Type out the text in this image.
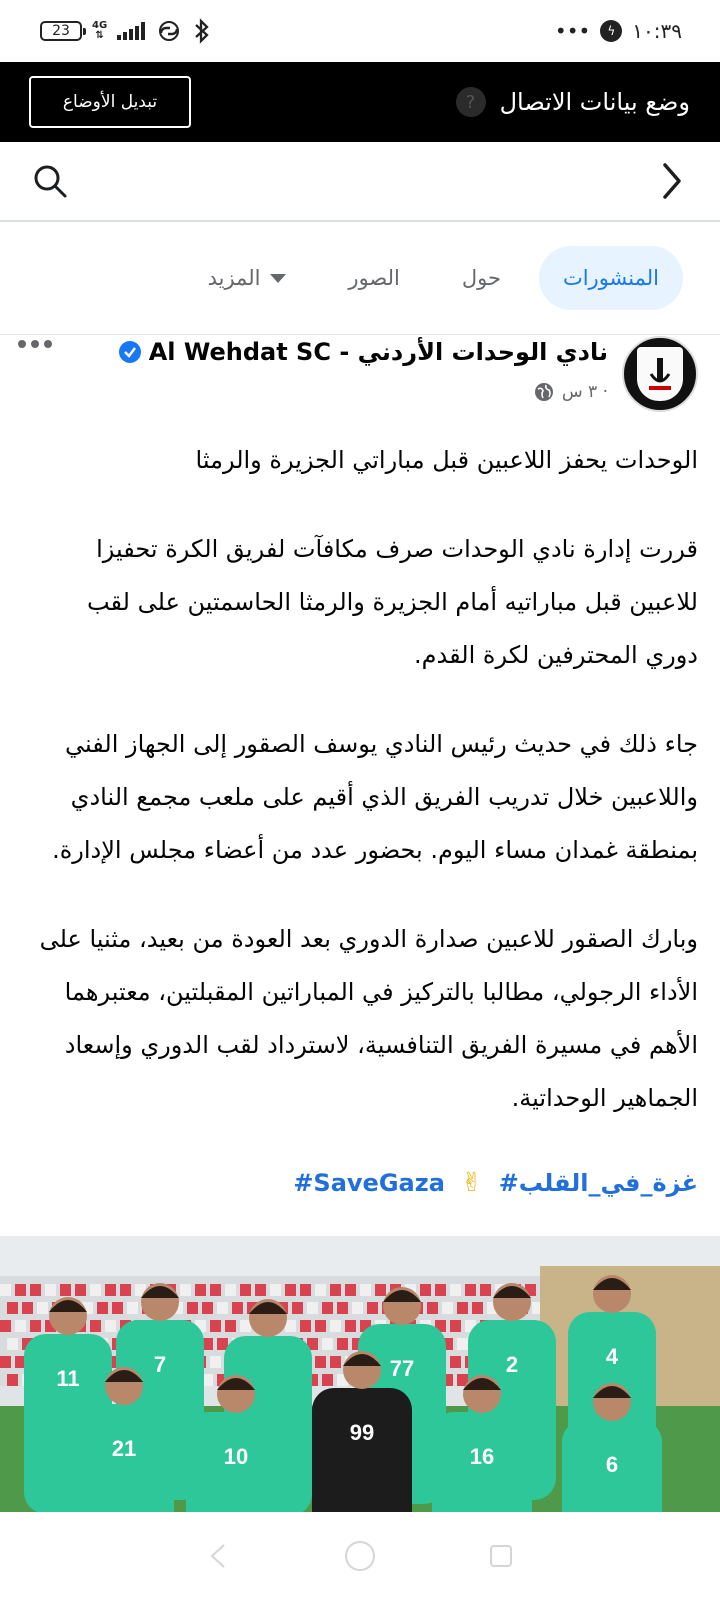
23	4G
⇅	•••	ϟ ١٠:٣٩
تبديل الأوضاع	?	وضع بيانات الاتصال
المنشورات
حول
الصور
المزيد
Al Wehdat SC - نادي الوحدات الأردني
٣ س ·

الوحدات يحفز اللاعبين قبل مباراتي الجزيرة والرمثا

قررت إدارة نادي الوحدات صرف مكافآت لفريق الكرة تحفيزا للاعبين قبل مباراتيه أمام الجزيرة والرمثا الحاسمتين على لقب دوري المحترفين لكرة القدم.

جاء ذلك في حديث رئيس النادي يوسف الصقور إلى الجهاز الفني واللاعبين خلال تدريب الفريق الذي أقيم على ملعب مجمع النادي بمنطقة غمدان مساء اليوم. بحضور عدد من أعضاء مجلس الإدارة.

وبارك الصقور للاعبين صدارة الدوري بعد العودة من بعيد، مثنيا على الأداء الرجولي، مطالبا بالتركيز في المباراتين المقبلتين، معتبرهما الأهم في مسيرة الفريق التنافسية، لاسترداد لقب الدوري وإسعاد الجماهير الوحداتية.

#SaveGaza ✌ #غزة_في_القلب
11
7	77	2	4
21	10
99
16	6
